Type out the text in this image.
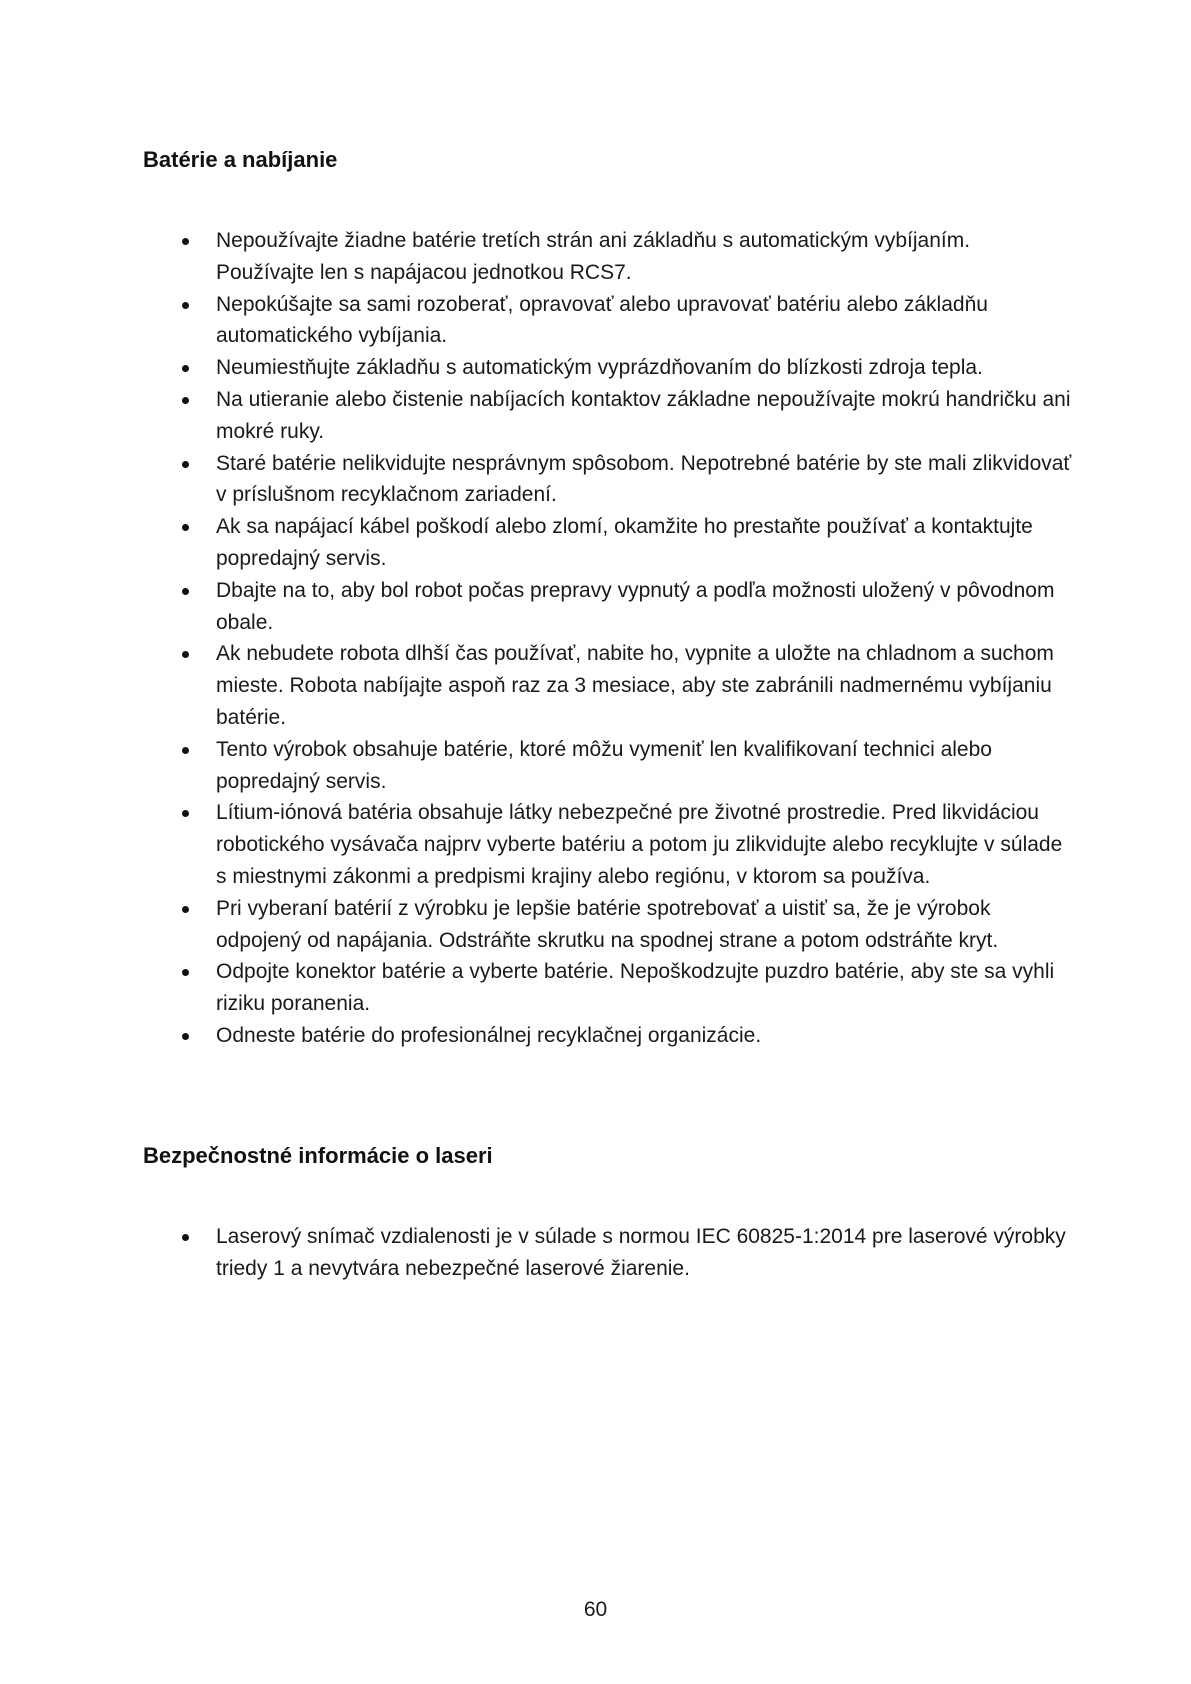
Batérie a nabíjanie
Nepoužívajte žiadne batérie tretích strán ani základňu s automatickým vybíjaním. Používajte len s napájacou jednotkou RCS7.
Nepokúšajte sa sami rozoberať, opravovať alebo upravovať batériu alebo základňu automatického vybíjania.
Neumiestňujte základňu s automatickým vyprázdňovaním do blízkosti zdroja tepla.
Na utieranie alebo čistenie nabíjacích kontaktov základne nepoužívajte mokrú handričku ani mokré ruky.
Staré batérie nelikvidujte nesprávnym spôsobom. Nepotrebné batérie by ste mali zlikvidovať v príslušnom recyklačnom zariadení.
Ak sa napájací kábel poškodí alebo zlomí, okamžite ho prestaňte používať a kontaktujte popredajný servis.
Dbajte na to, aby bol robot počas prepravy vypnutý a podľa možnosti uložený v pôvodnom obale.
Ak nebudete robota dlhší čas používať, nabite ho, vypnite a uložte na chladnom a suchom mieste. Robota nabíjajte aspoň raz za 3 mesiace, aby ste zabránili nadmernému vybíjaniu batérie.
Tento výrobok obsahuje batérie, ktoré môžu vymeniť len kvalifikovaní technici alebo popredajný servis.
Lítium-iónová batéria obsahuje látky nebezpečné pre životné prostredie. Pred likvidáciou robotického vysávača najprv vyberte batériu a potom ju zlikvidujte alebo recyklujte v súlade s miestnymi zákonmi a predpismi krajiny alebo regiónu, v ktorom sa používa.
Pri vyberaní batérií z výrobku je lepšie batérie spotrebovať a uistiť sa, že je výrobok odpojený od napájania. Odstráňte skrutku na spodnej strane a potom odstráňte kryt.
Odpojte konektor batérie a vyberte batérie. Nepoškodzujte puzdro batérie, aby ste sa vyhli riziku poranenia.
Odneste batérie do profesionálnej recyklačnej organizácie.
Bezpečnostné informácie o laseri
Laserový snímač vzdialenosti je v súlade s normou IEC 60825-1:2014 pre laserové výrobky triedy 1 a nevytvára nebezpečné laserové žiarenie.
60
